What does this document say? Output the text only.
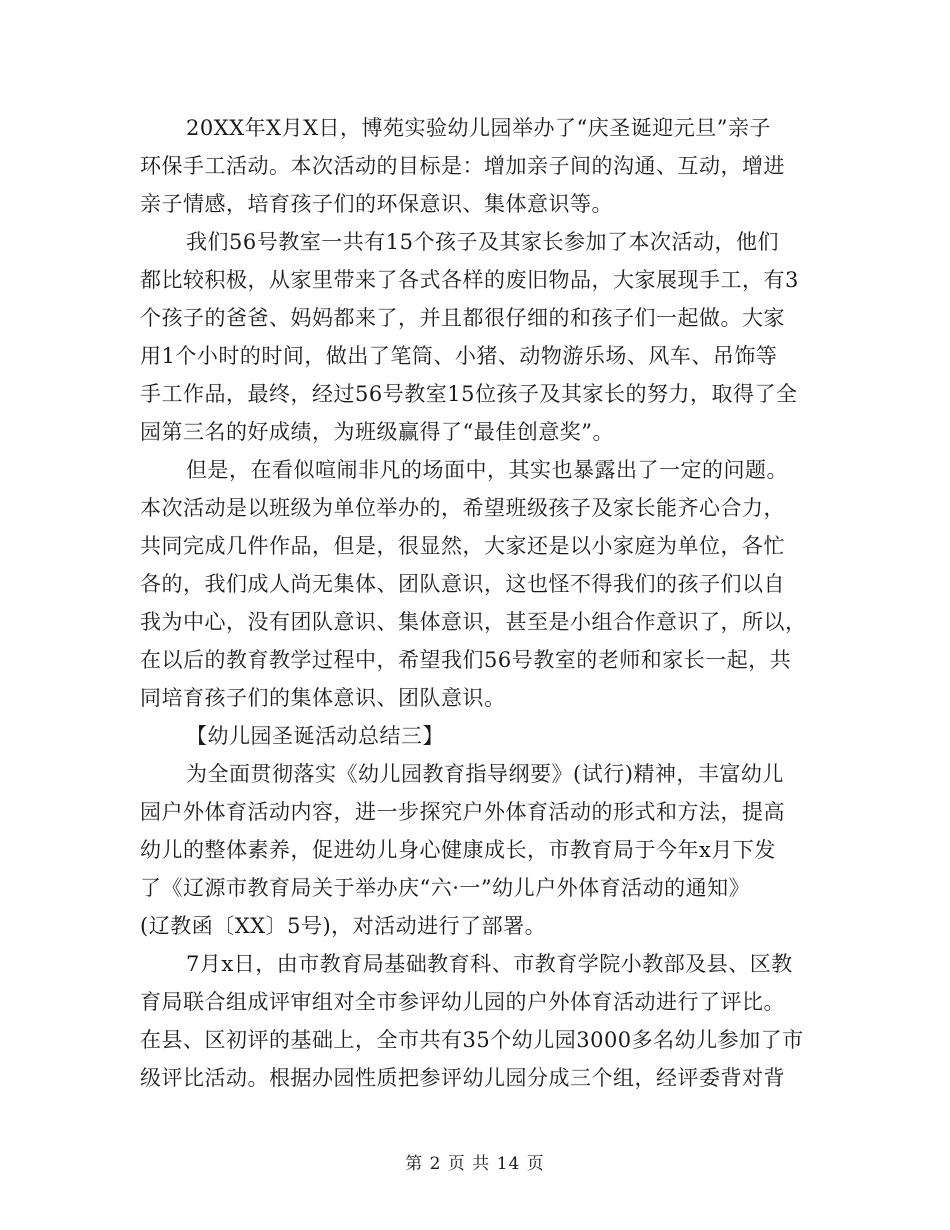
20XX年X月X日，博苑实验幼儿园举办了“庆圣诞迎元旦”亲子
环保手工活动。本次活动的目标是：增加亲子间的沟通、互动，增进
亲子情感，培育孩子们的环保意识、集体意识等。
我们56号教室一共有15个孩子及其家长参加了本次活动，他们
都比较积极，从家里带来了各式各样的废旧物品，大家展现手工，有3
个孩子的爸爸、妈妈都来了，并且都很仔细的和孩子们一起做。大家
用1个小时的时间，做出了笔筒、小猪、动物游乐场、风车、吊饰等
手工作品，最终，经过56号教室15位孩子及其家长的努力，取得了全
园第三名的好成绩，为班级赢得了“最佳创意奖”。
但是，在看似喧闹非凡的场面中，其实也暴露出了一定的问题。
本次活动是以班级为单位举办的，希望班级孩子及家长能齐心合力，
共同完成几件作品，但是，很显然，大家还是以小家庭为单位，各忙
各的，我们成人尚无集体、团队意识，这也怪不得我们的孩子们以自
我为中心，没有团队意识、集体意识，甚至是小组合作意识了，所以，
在以后的教育教学过程中，希望我们56号教室的老师和家长一起，共
同培育孩子们的集体意识、团队意识。
【幼儿园圣诞活动总结三】
为全面贯彻落实《幼儿园教育指导纲要》(试行)精神，丰富幼儿
园户外体育活动内容，进一步探究户外体育活动的形式和方法，提高
幼儿的整体素养，促进幼儿身心健康成长，市教育局于今年x月下发
了《辽源市教育局关于举办庆“六·一”幼儿户外体育活动的通知》
(辽教函〔XX〕5号)，对活动进行了部署。
7月x日，由市教育局基础教育科、市教育学院小教部及县、区教
育局联合组成评审组对全市参评幼儿园的户外体育活动进行了评比。
在县、区初评的基础上，全市共有35个幼儿园3000多名幼儿参加了市
级评比活动。根据办园性质把参评幼儿园分成三个组，经评委背对背
第 2 页 共 14 页
